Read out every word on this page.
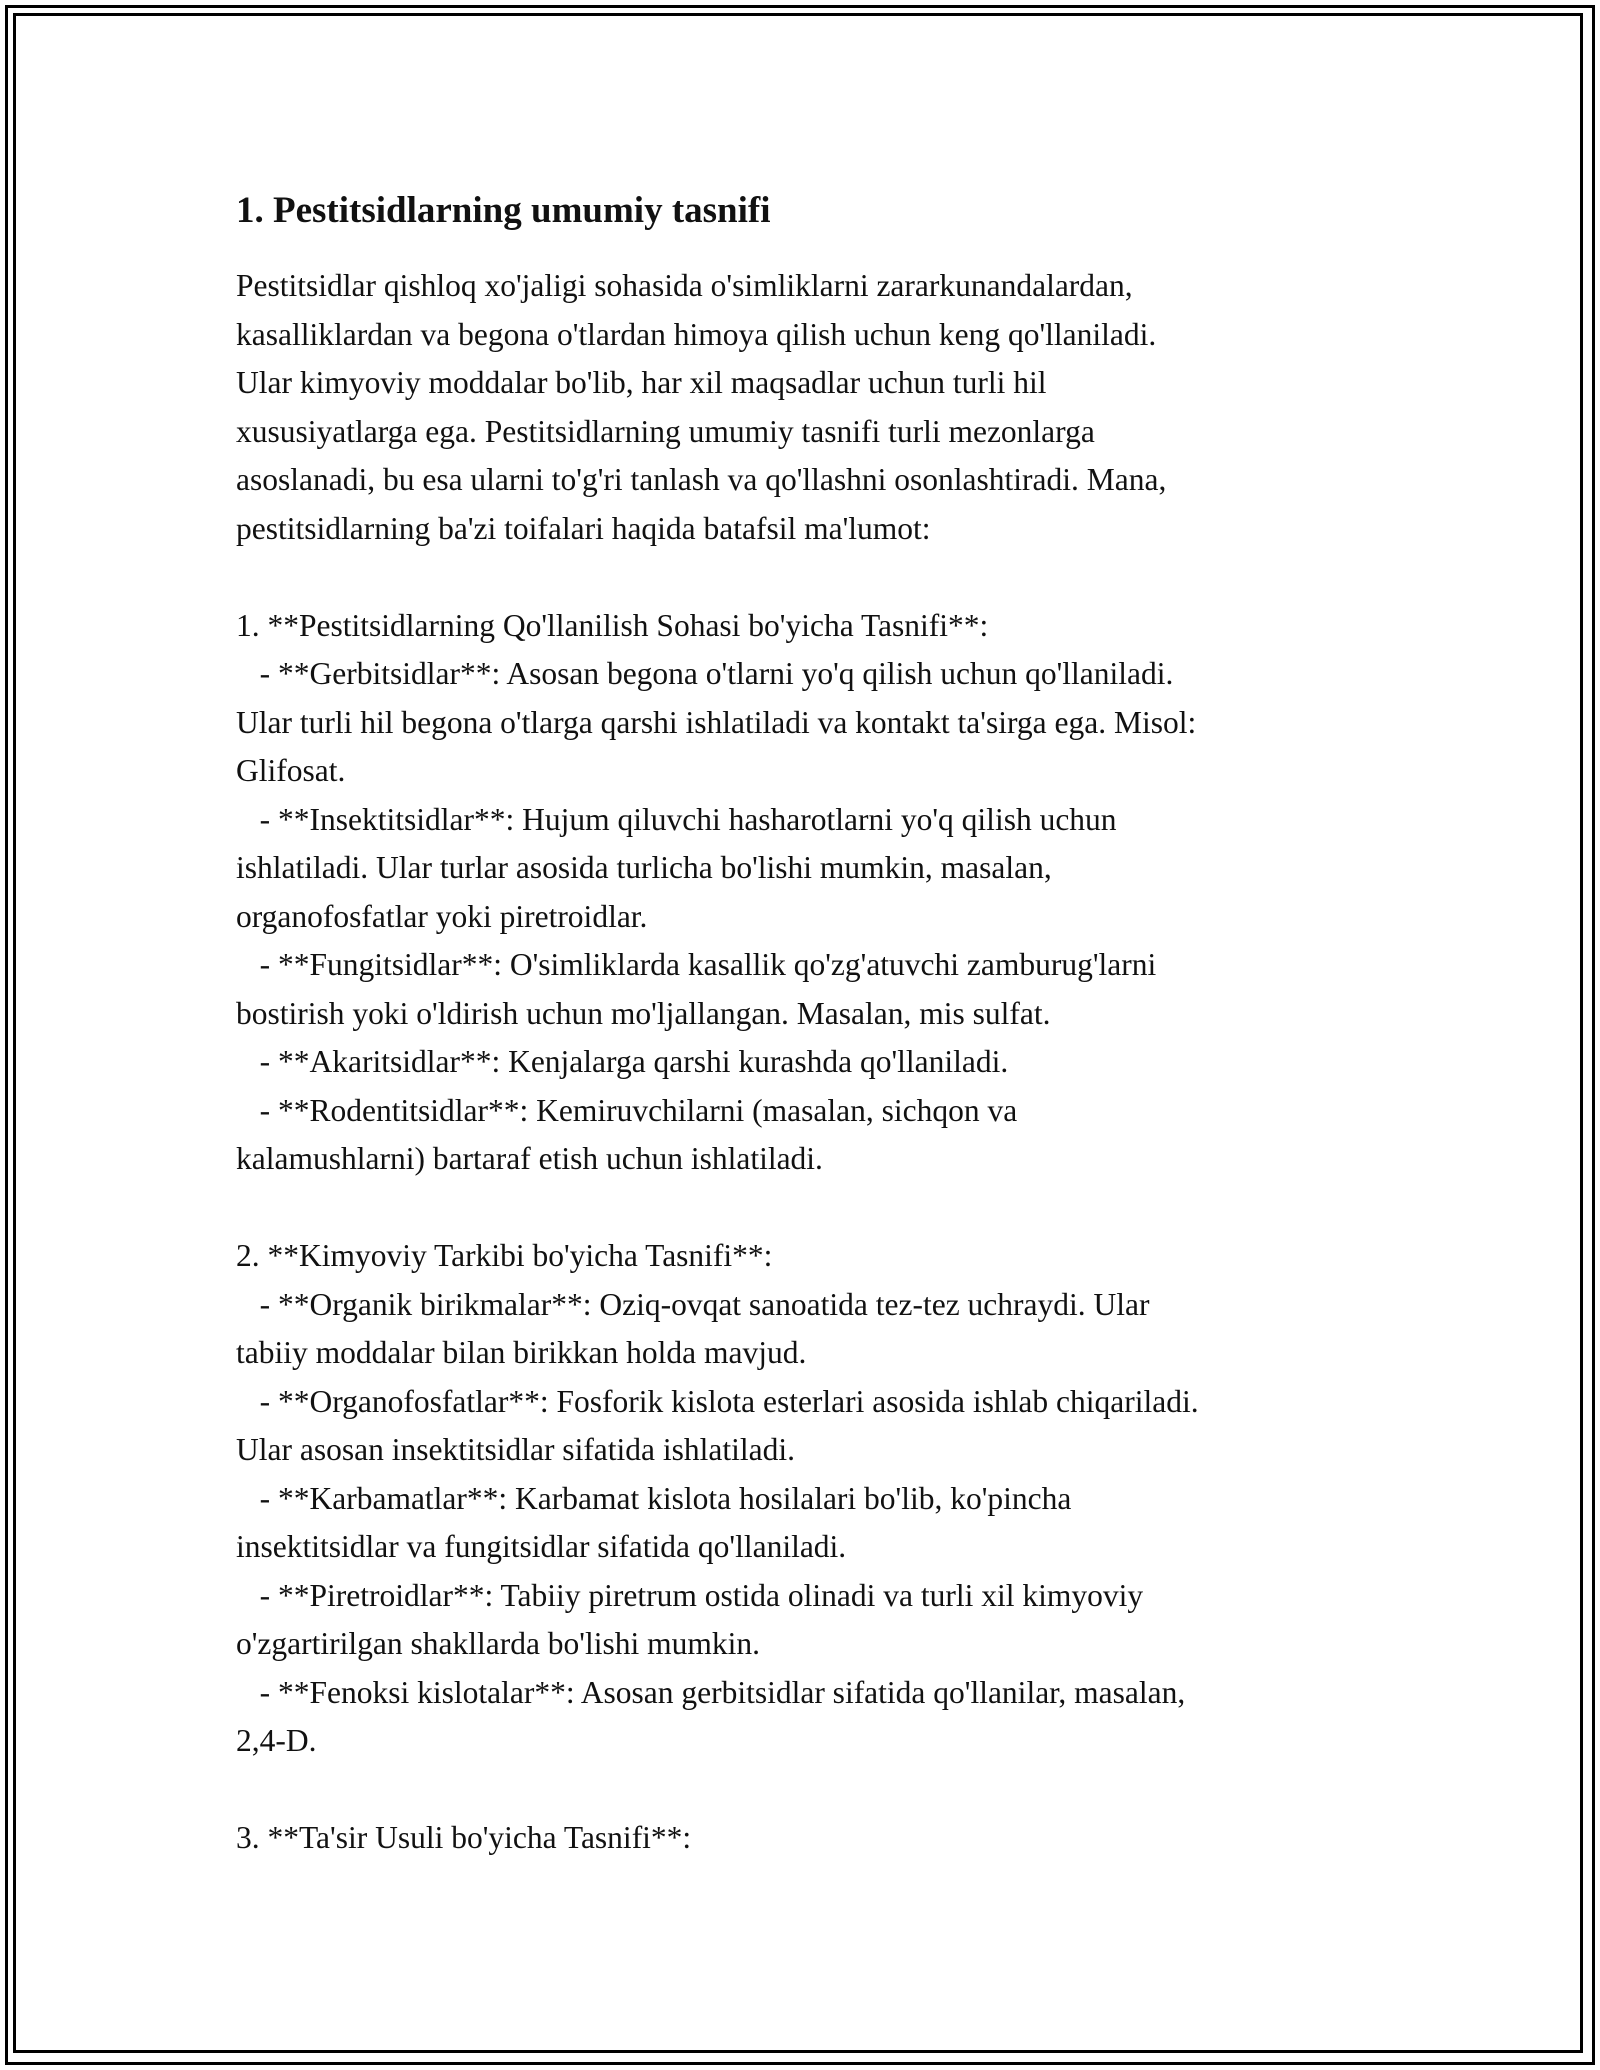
1. Pestitsidlarning umumiy tasnifi

Pestitsidlar qishloq xo'jaligi sohasida o'simliklarni zararkunandalardan,
kasalliklardan va begona o'tlardan himoya qilish uchun keng qo'llaniladi.
Ular kimyoviy moddalar bo'lib, har xil maqsadlar uchun turli hil
xususiyatlarga ega. Pestitsidlarning umumiy tasnifi turli mezonlarga
asoslanadi, bu esa ularni to'g'ri tanlash va qo'llashni osonlashtiradi. Mana,
pestitsidlarning ba'zi toifalari haqida batafsil ma'lumot:

1. **Pestitsidlarning Qo'llanilish Sohasi bo'yicha Tasnifi**:
- **Gerbitsidlar**: Asosan begona o'tlarni yo'q qilish uchun qo'llaniladi.
Ular turli hil begona o'tlarga qarshi ishlatiladi va kontakt ta'sirga ega. Misol:
Glifosat.
- **Insektitsidlar**: Hujum qiluvchi hasharotlarni yo'q qilish uchun
ishlatiladi. Ular turlar asosida turlicha bo'lishi mumkin, masalan,
organofosfatlar yoki piretroidlar.
- **Fungitsidlar**: O'simliklarda kasallik qo'zg'atuvchi zamburug'larni
bostirish yoki o'ldirish uchun mo'ljallangan. Masalan, mis sulfat.
- **Akaritsidlar**: Kenjalarga qarshi kurashda qo'llaniladi.
- **Rodentitsidlar**: Kemiruvchilarni (masalan, sichqon va
kalamushlarni) bartaraf etish uchun ishlatiladi.

2. **Kimyoviy Tarkibi bo'yicha Tasnifi**:
- **Organik birikmalar**: Oziq-ovqat sanoatida tez-tez uchraydi. Ular
tabiiy moddalar bilan birikkan holda mavjud.
- **Organofosfatlar**: Fosforik kislota esterlari asosida ishlab chiqariladi.
Ular asosan insektitsidlar sifatida ishlatiladi.
- **Karbamatlar**: Karbamat kislota hosilalari bo'lib, ko'pincha
insektitsidlar va fungitsidlar sifatida qo'llaniladi.
- **Piretroidlar**: Tabiiy piretrum ostida olinadi va turli xil kimyoviy
o'zgartirilgan shakllarda bo'lishi mumkin.
- **Fenoksi kislotalar**: Asosan gerbitsidlar sifatida qo'llanilar, masalan,
2,4-D.

3. **Ta'sir Usuli bo'yicha Tasnifi**:
